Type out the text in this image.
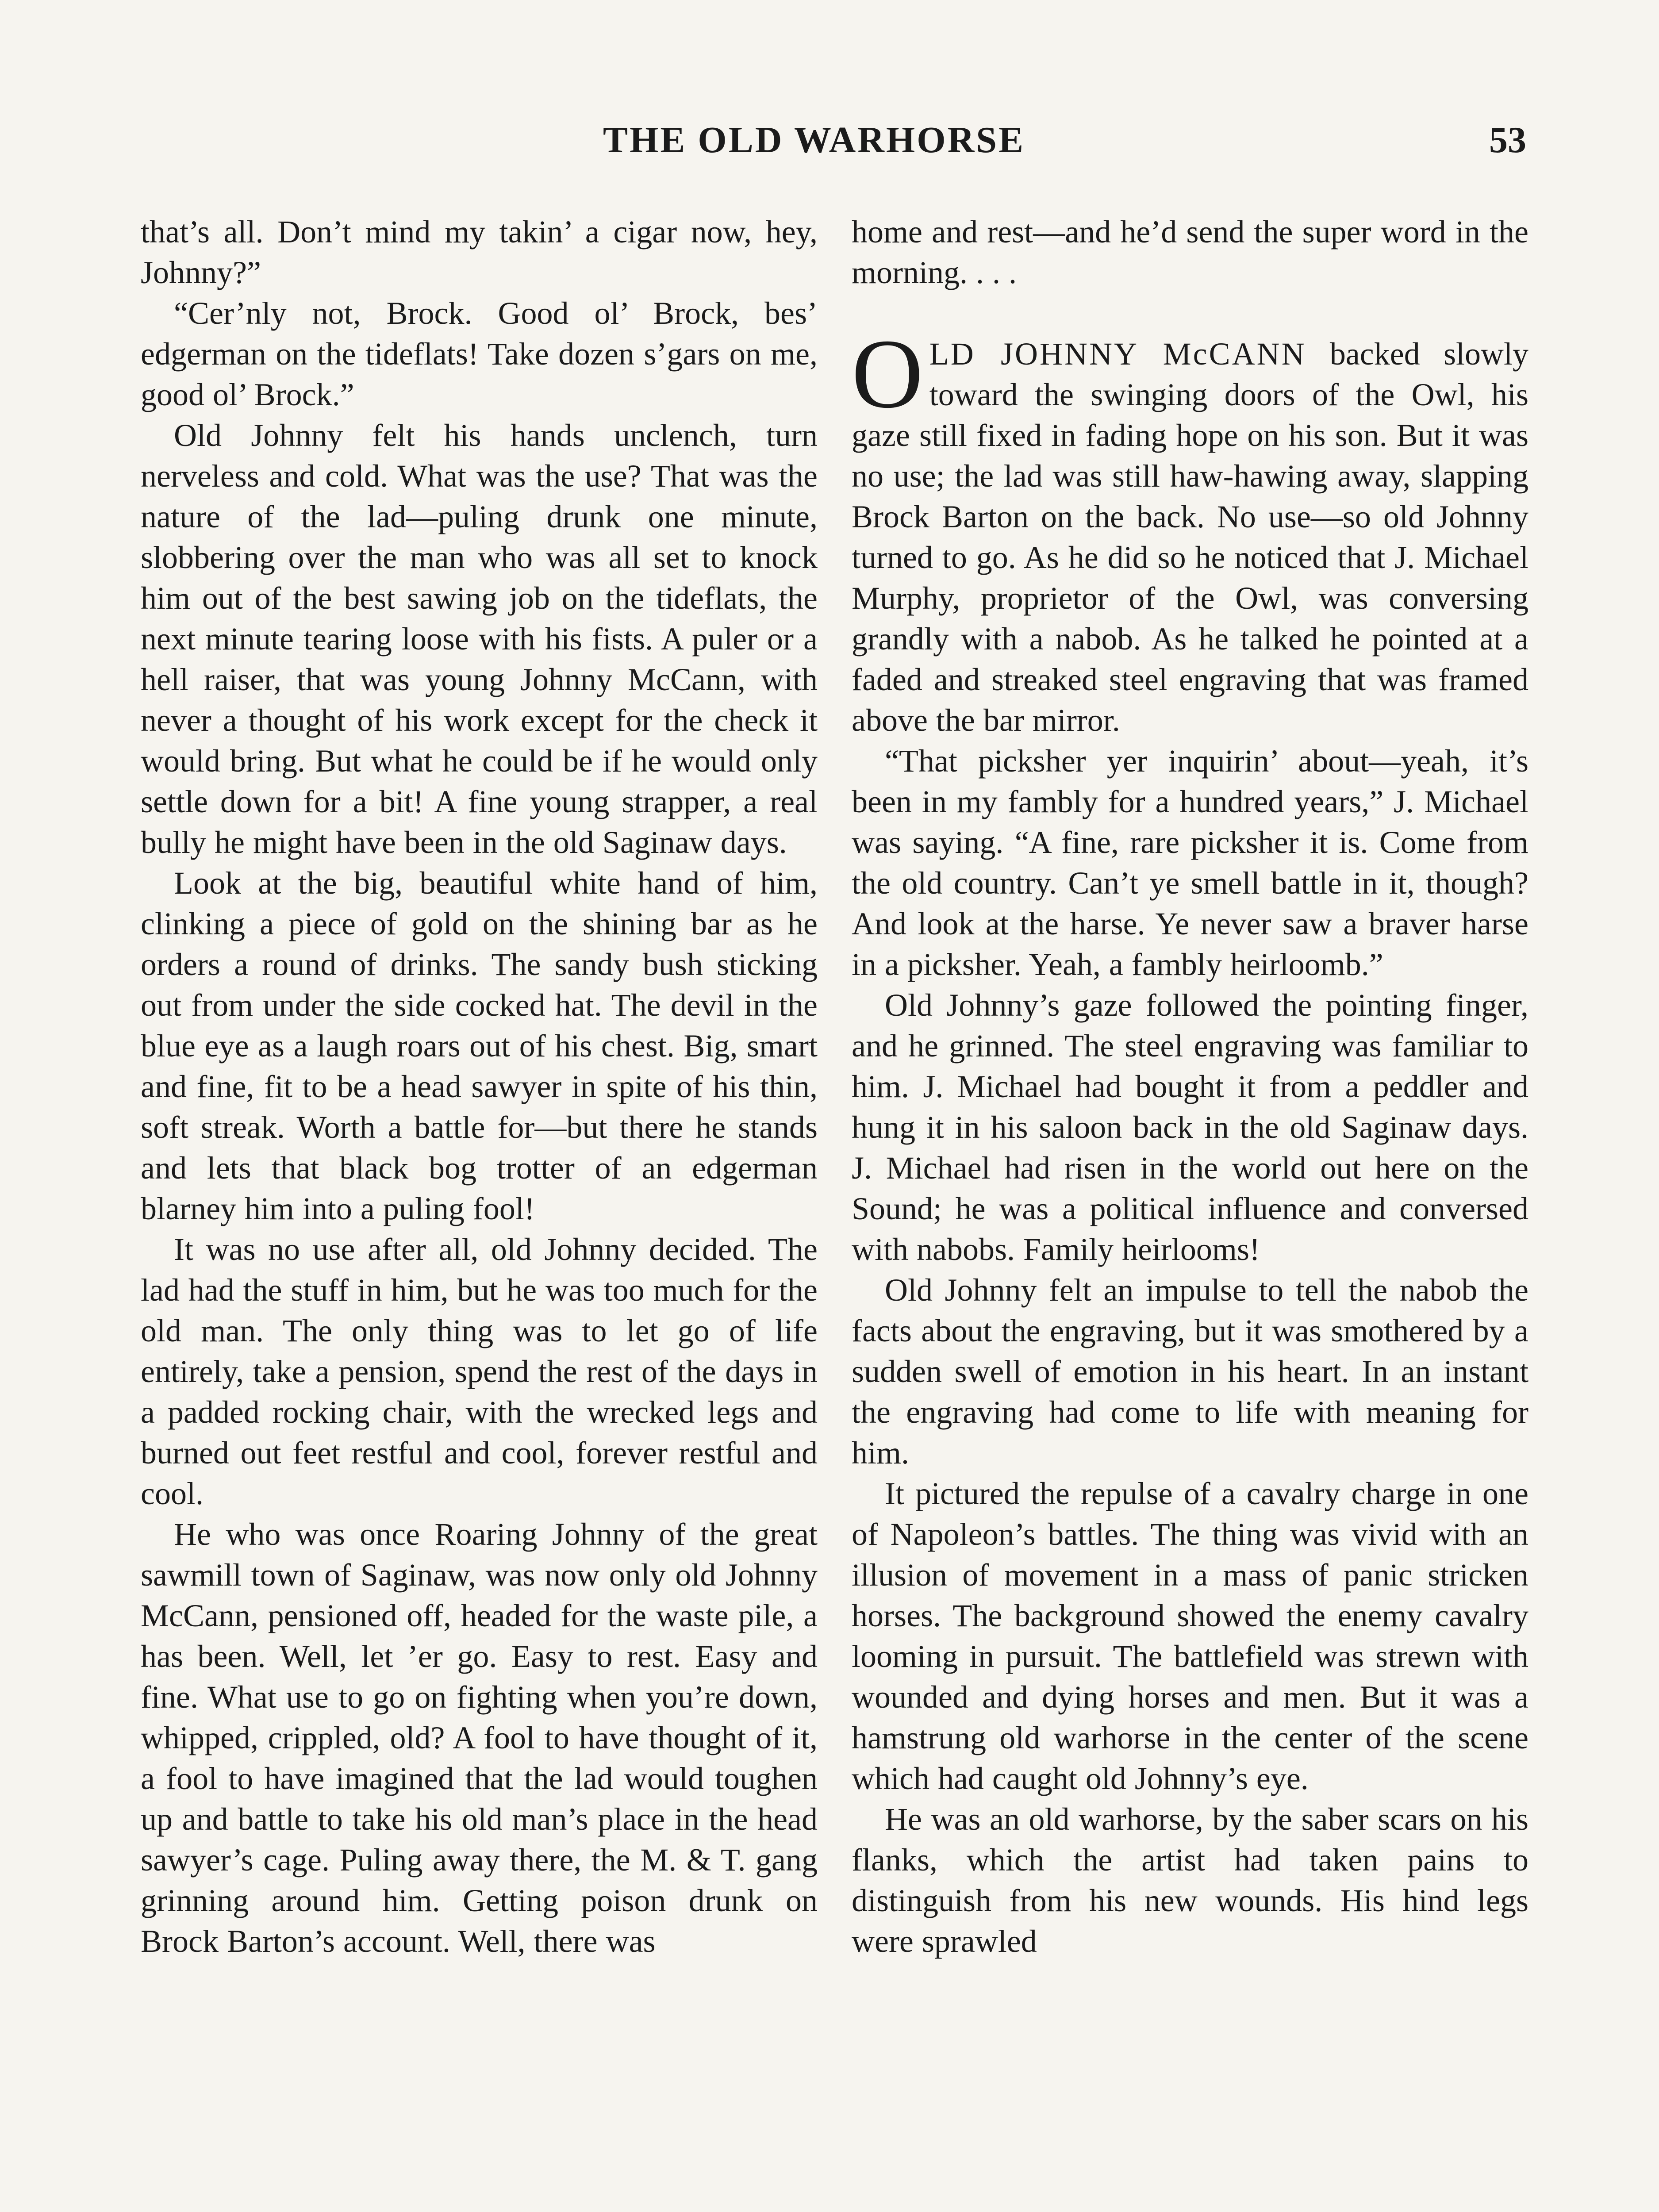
THE OLD WARHORSE	53

that’s all. Don’t mind my takin’ a cigar now, hey, Johnny?”

“Cer’nly not, Brock. Good ol’ Brock, bes’ edgerman on the tideflats! Take dozen s’gars on me, good ol’ Brock.”

Old Johnny felt his hands unclench, turn nerveless and cold. What was the use? That was the nature of the lad—puling drunk one minute, slobbering over the man who was all set to knock him out of the best sawing job on the tideflats, the next minute tearing loose with his fists. A puler or a hell raiser, that was young Johnny McCann, with never a thought of his work except for the check it would bring. But what he could be if he would only settle down for a bit! A fine young strapper, a real bully he might have been in the old Saginaw days.

Look at the big, beautiful white hand of him, clinking a piece of gold on the shining bar as he orders a round of drinks. The sandy bush sticking out from under the side cocked hat. The devil in the blue eye as a laugh roars out of his chest. Big, smart and fine, fit to be a head sawyer in spite of his thin, soft streak. Worth a battle for—but there he stands and lets that black bog trotter of an edgerman blarney him into a puling fool!

It was no use after all, old Johnny decided. The lad had the stuff in him, but he was too much for the old man. The only thing was to let go of life entirely, take a pension, spend the rest of the days in a padded rocking chair, with the wrecked legs and burned out feet restful and cool, forever restful and cool.

He who was once Roaring Johnny of the great sawmill town of Saginaw, was now only old Johnny McCann, pensioned off, headed for the waste pile, a has been. Well, let ’er go. Easy to rest. Easy and fine. What use to go on fighting when you’re down, whipped, crippled, old? A fool to have thought of it, a fool to have imagined that the lad would toughen up and battle to take his old man’s place in the head sawyer’s cage. Puling away there, the M. & T. gang grinning around him. Getting poison drunk on Brock Barton’s account. Well, there was

home and rest—and he’d send the super word in the morning. . . .

OLD JOHNNY McCANN backed slowly toward the swinging doors of the Owl, his gaze still fixed in fading hope on his son. But it was no use; the lad was still haw-hawing away, slapping Brock Barton on the back. No use—so old Johnny turned to go. As he did so he noticed that J. Michael Murphy, proprietor of the Owl, was conversing grandly with a nabob. As he talked he pointed at a faded and streaked steel engraving that was framed above the bar mirror.

“That picksher yer inquirin’ about—yeah, it’s been in my fambly for a hundred years,” J. Michael was saying. “A fine, rare picksher it is. Come from the old country. Can’t ye smell battle in it, though? And look at the harse. Ye never saw a braver harse in a picksher. Yeah, a fambly heirloomb.”

Old Johnny’s gaze followed the pointing finger, and he grinned. The steel engraving was familiar to him. J. Michael had bought it from a peddler and hung it in his saloon back in the old Saginaw days. J. Michael had risen in the world out here on the Sound; he was a political influence and conversed with nabobs. Family heirlooms!

Old Johnny felt an impulse to tell the nabob the facts about the engraving, but it was smothered by a sudden swell of emotion in his heart. In an instant the engraving had come to life with meaning for him.

It pictured the repulse of a cavalry charge in one of Napoleon’s battles. The thing was vivid with an illusion of movement in a mass of panic stricken horses. The background showed the enemy cavalry looming in pursuit. The battlefield was strewn with wounded and dying horses and men. But it was a hamstrung old warhorse in the center of the scene which had caught old Johnny’s eye.

He was an old warhorse, by the saber scars on his flanks, which the artist had taken pains to distinguish from his new wounds. His hind legs were sprawled
